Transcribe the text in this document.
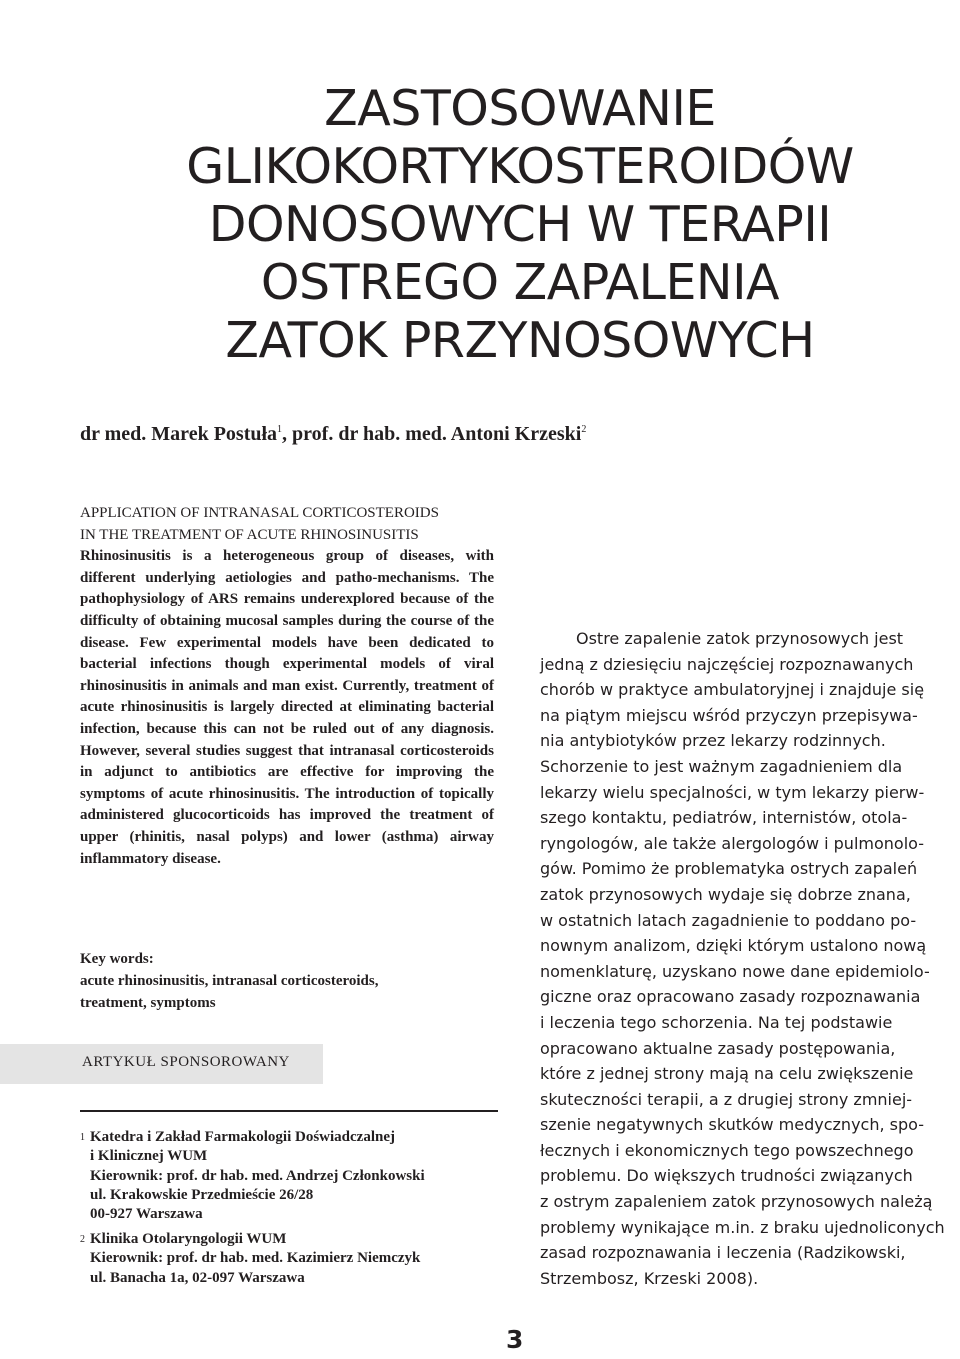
ZASTOSOWANIE
GLIKOKORTYKOSTEROIDÓW
DONOSOWYCH W TERAPII
OSTREGO ZAPALENIA
ZATOK PRZYNOSOWYCH
dr med. Marek Postuła$^1$, prof. dr hab. med. Antoni Krzeski$^2$
APPLICATION OF INTRANASAL CORTICOSTEROIDS
IN THE TREATMENT OF ACUTE RHINOSINUSITIS
Rhinosinusitis is a heterogeneous group of diseases, with different underlying aetiologies and patho-mechanisms. The pathophysiology of ARS remains underexplored because of the difficulty of obtaining mucosal samples during the course of the disease. Few experimental models have been dedicated to bacterial infections though experimental models of viral rhinosinusitis in animals and man exist. Currently, treatment of acute rhinosinusitis is largely directed at eliminating bacterial infection, because this can not be ruled out of any diagnosis. However, several studies suggest that intranasal corticosteroids in adjunct to antibiotics are effective for improving the symptoms of acute rhinosinusitis. The introduction of topically administered glucocorticoids has improved the treatment of upper (rhinitis, nasal polyps) and lower (asthma) airway inflammatory disease.
Key words:
acute rhinosinusitis, intranasal corticosteroids,
treatment, symptoms
ARTYKUŁ SPONSOROWANY
1 Katedra i Zakład Farmakologii Doświadczalnej
i Klinicznej WUM
Kierownik: prof. dr hab. med. Andrzej Członkowski
ul. Krakowskie Przedmieście 26/28
00-927 Warszawa
2 Klinika Otolaryngologii WUM
Kierownik: prof. dr hab. med. Kazimierz Niemczyk
ul. Banacha 1a, 02-097 Warszawa
Ostre zapalenie zatok przynosowych jest
jedną z dziesięciu najczęściej rozpoznawanych
chorób w praktyce ambulatoryjnej i znajduje się
na piątym miejscu wśród przyczyn przepisywa-
nia antybiotyków przez lekarzy rodzinnych.
Schorzenie to jest ważnym zagadnieniem dla
lekarzy wielu specjalności, w tym lekarzy pierw-
szego kontaktu, pediatrów, internistów, otola-
ryngologów, ale także alergologów i pulmonolo-
gów. Pomimo że problematyka ostrych zapaleń
zatok przynosowych wydaje się dobrze znana,
w ostatnich latach zagadnienie to poddano po-
nownym analizom, dzięki którym ustalono nową
nomenklaturę, uzyskano nowe dane epidemiolo-
giczne oraz opracowano zasady rozpoznawania
i leczenia tego schorzenia. Na tej podstawie
opracowano aktualne zasady postępowania,
które z jednej strony mają na celu zwiększenie
skuteczności terapii, a z drugiej strony zmniej-
szenie negatywnych skutków medycznych, spo-
łecznych i ekonomicznych tego powszechnego
problemu. Do większych trudności związanych
z ostrym zapaleniem zatok przynosowych należą
problemy wynikające m.in. z braku ujednoliconych
zasad rozpoznawania i leczenia (Radzikowski,
Strzembosz, Krzeski 2008).
3
